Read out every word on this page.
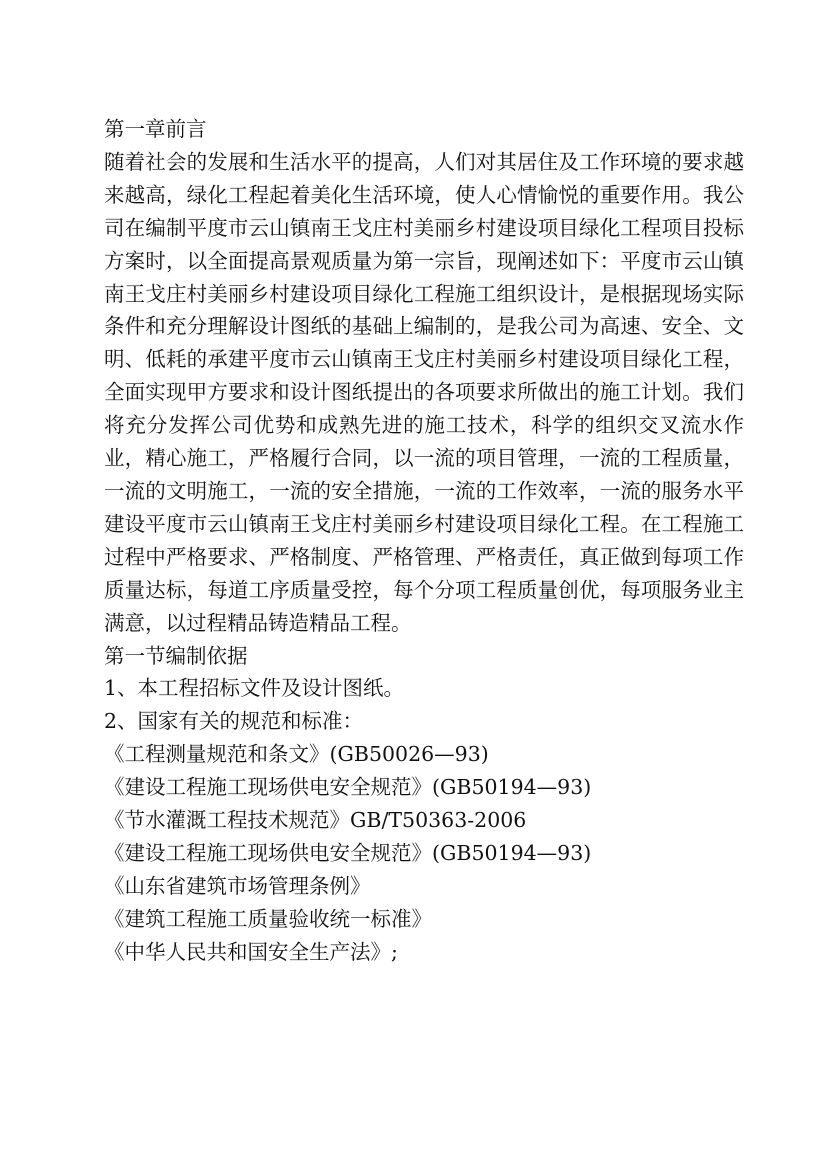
第一章前言

随着社会的发展和生活水平的提高，人们对其居住及工作环境的要求越来越高，绿化工程起着美化生活环境，使人心情愉悦的重要作用。我公司在编制平度市云山镇南王戈庄村美丽乡村建设项目绿化工程项目投标方案时，以全面提高景观质量为第一宗旨，现阐述如下：平度市云山镇南王戈庄村美丽乡村建设项目绿化工程施工组织设计，是根据现场实际条件和充分理解设计图纸的基础上编制的，是我公司为高速、安全、文明、低耗的承建平度市云山镇南王戈庄村美丽乡村建设项目绿化工程，全面实现甲方要求和设计图纸提出的各项要求所做出的施工计划。我们将充分发挥公司优势和成熟先进的施工技术，科学的组织交叉流水作业，精心施工，严格履行合同，以一流的项目管理，一流的工程质量，一流的文明施工，一流的安全措施，一流的工作效率，一流的服务水平建设平度市云山镇南王戈庄村美丽乡村建设项目绿化工程。在工程施工过程中严格要求、严格制度、严格管理、严格责任，真正做到每项工作质量达标，每道工序质量受控，每个分项工程质量创优，每项服务业主满意，以过程精品铸造精品工程。

第一节编制依据

1、本工程招标文件及设计图纸。

2、国家有关的规范和标准：

《工程测量规范和条文》(GB50026—93)

《建设工程施工现场供电安全规范》(GB50194—93)

《节水灌溉工程技术规范》GB/T50363-2006

《建设工程施工现场供电安全规范》(GB50194—93)

《山东省建筑市场管理条例》

《建筑工程施工质量验收统一标准》

《中华人民共和国安全生产法》;
